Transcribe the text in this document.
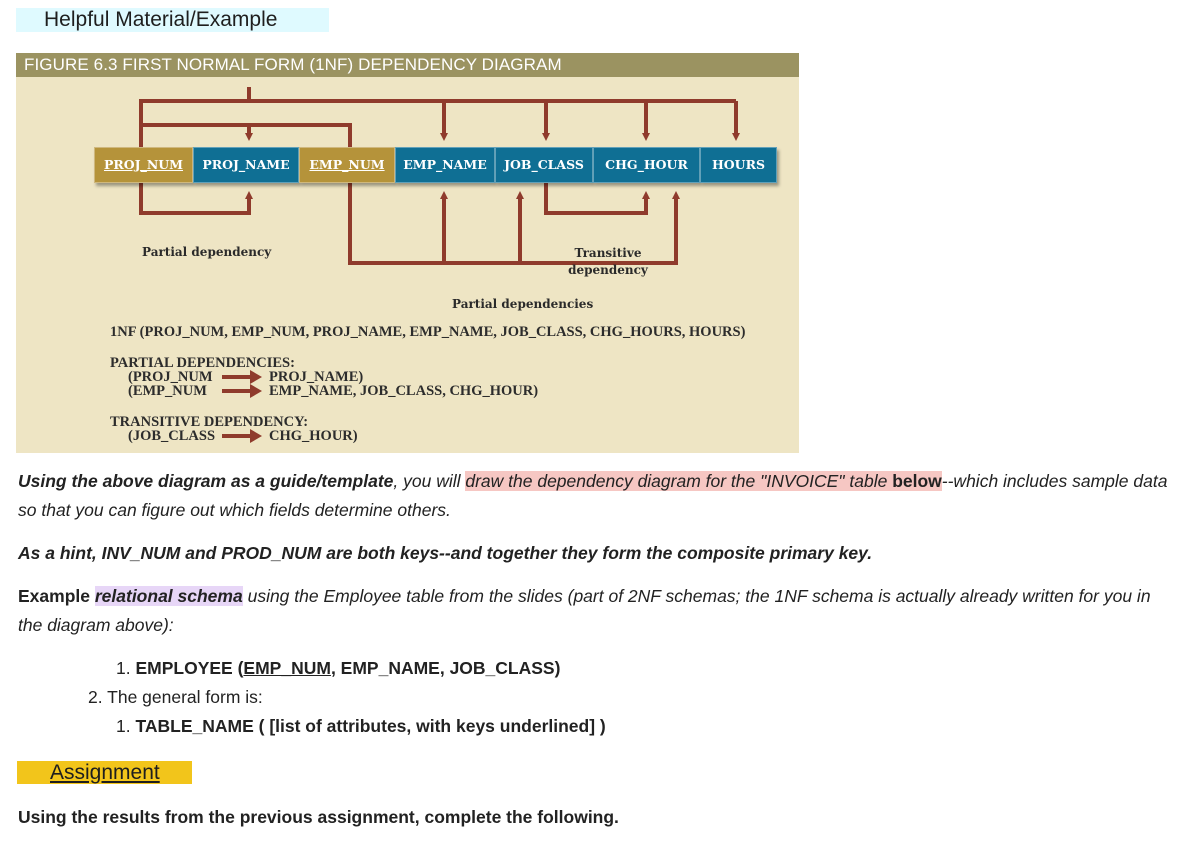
Helpful Material/Example
FIGURE 6.3 FIRST NORMAL FORM (1NF) DEPENDENCY DIAGRAM
PROJ_NUM	PROJ_NAME	EMP_NUM	EMP_NAME	JOB_CLASS	CHG_HOUR	HOURS
Partial dependency	Transitive
dependency
Partial dependencies
1NF (PROJ_NUM, EMP_NUM, PROJ_NAME, EMP_NAME, JOB_CLASS, CHG_HOURS, HOURS)
PARTIAL DEPENDENCIES:
(PROJ_NUM	PROJ_NAME)
(EMP_NUM	EMP_NAME, JOB_CLASS, CHG_HOUR)
TRANSITIVE DEPENDENCY:
(JOB_CLASS	CHG_HOUR)
Using the above diagram as a guide/template, you will draw the dependency diagram for the "INVOICE" table below--which includes sample data
so that you can figure out which fields determine others.
As a hint, INV_NUM and PROD_NUM are both keys--and together they form the composite primary key.
Example relational schema using the Employee table from the slides (part of 2NF schemas; the 1NF schema is actually already written for you in
the diagram above):
1. EMPLOYEE (EMP_NUM, EMP_NAME, JOB_CLASS)
2. The general form is:
1. TABLE_NAME ( [list of attributes, with keys underlined] )
Assignment
Using the results from the previous assignment, complete the following.
